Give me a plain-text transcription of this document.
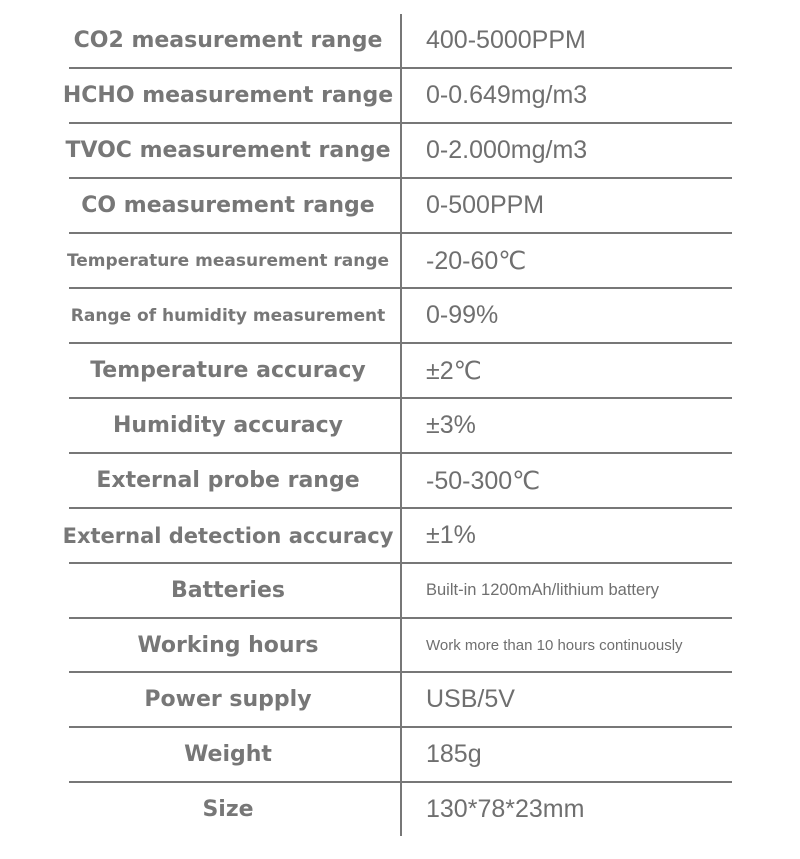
CO2 measurement range	400-5000PPM
HCHO measurement range 0-0.649mg/m3
TVOC measurement range 0-2.000mg/m3
CO measurement range	0-500PPM
Temperature measurement range	-20-60℃
Range of humidity measurement	0-99%
Temperature accuracy	±2℃
Humidity accuracy	±3%
External probe range	-50-300℃
External detection accuracy ±1%
Batteries	Built-in 1200mAh/lithium battery
Working hours	Work more than 10 hours continuously
Power supply	USB/5V
Weight	185g
Size	130*78*23mm
